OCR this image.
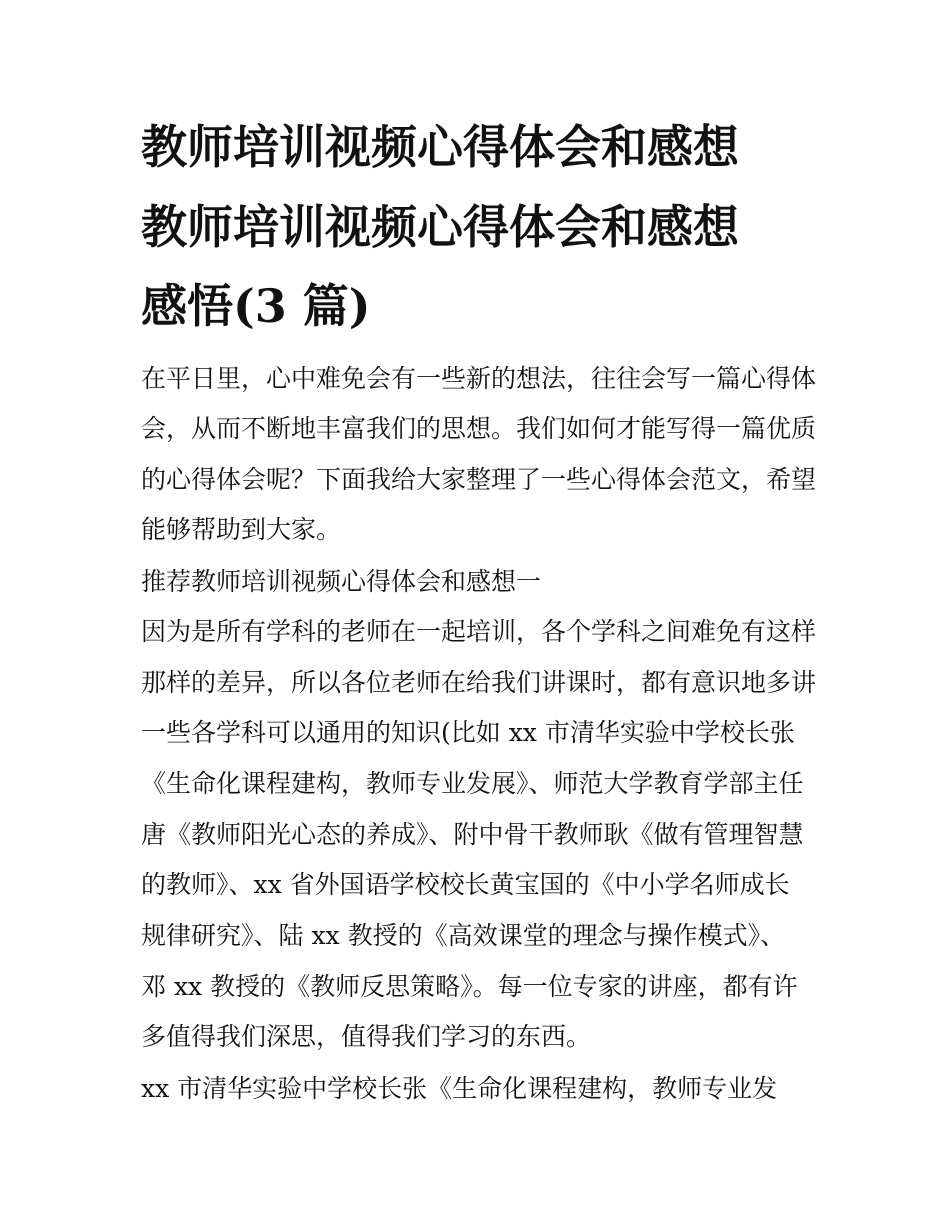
教师培训视频心得体会和感想
教师培训视频心得体会和感想
感悟(3 篇)
在平日里，心中难免会有一些新的想法，往往会写一篇心得体
会，从而不断地丰富我们的思想。我们如何才能写得一篇优质
的心得体会呢？下面我给大家整理了一些心得体会范文，希望
能够帮助到大家。
推荐教师培训视频心得体会和感想一
因为是所有学科的老师在一起培训，各个学科之间难免有这样
那样的差异，所以各位老师在给我们讲课时，都有意识地多讲
一些各学科可以通用的知识(比如 xx 市清华实验中学校长张
《生命化课程建构，教师专业发展》、师范大学教育学部主任
唐《教师阳光心态的养成》、附中骨干教师耿《做有管理智慧
的教师》、xx 省外国语学校校长黄宝国的《中小学名师成长
规律研究》、陆 xx 教授的《高效课堂的理念与操作模式》、
邓 xx 教授的《教师反思策略》。每一位专家的讲座，都有许
多值得我们深思，值得我们学习的东西。
xx 市清华实验中学校长张《生命化课程建构，教师专业发
